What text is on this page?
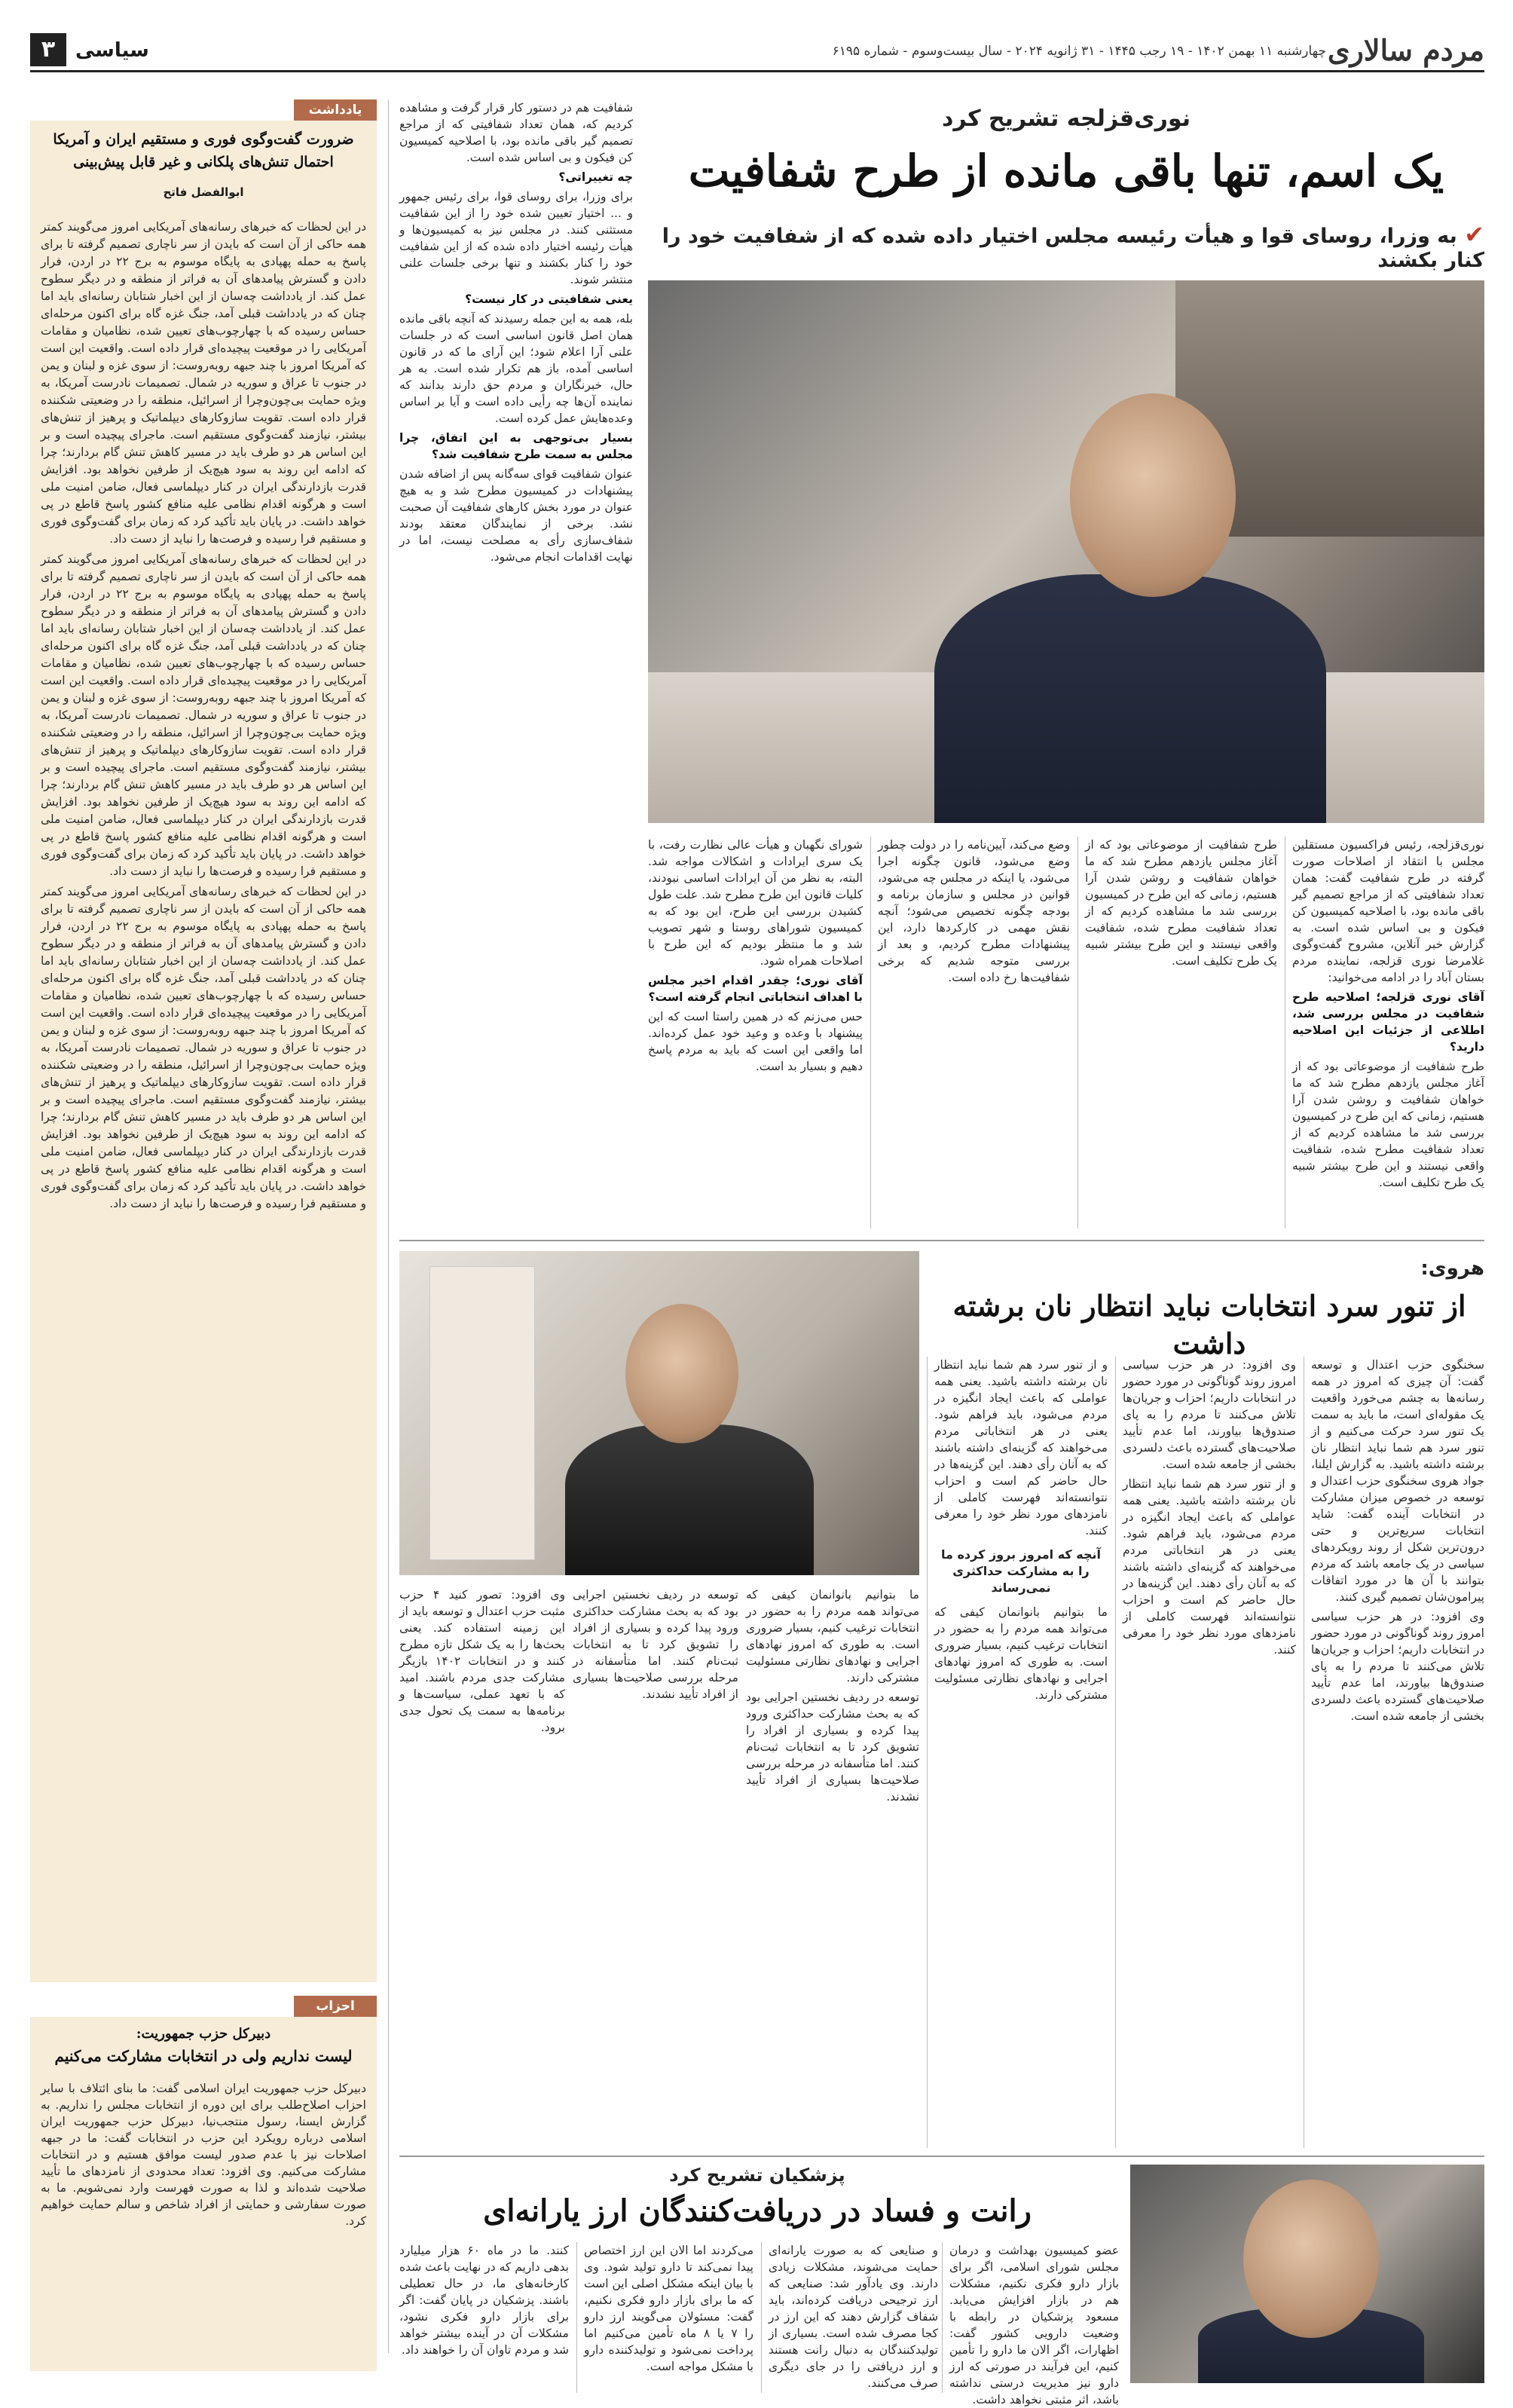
مردم سالاری
چهارشنبه ۱۱ بهمن ۱۴۰۲ - ۱۹ رجب ۱۴۴۵ - ۳۱ ژانویه ۲۰۲۴ - سال بیست‌وسوم - شماره ۶۱۹۵
سیاسی
۳
نوری‌قزلجه تشریح کرد
یک اسم، تنها باقی مانده از طرح شفافیت
✔ به وزرا، روسای قوا و هیأت رئیسه مجلس اختیار داده شده که از شفافیت خود را کنار بکشند

نوری‌قزلجه، رئیس فراکسیون مستقلین مجلس با انتقاد از اصلاحات صورت گرفته در طرح شفافیت گفت: همان تعداد شفافیتی که از مراجع تصمیم گیر باقی مانده بود، با اصلاحیه کمیسیون کن فیکون و بی اساس شده است. به گزارش خبر آنلاین، مشروح گفت‌وگوی غلامرضا نوری قزلجه، نماینده مردم بستان آباد را در ادامه می‌خوانید:

آقای نوری قزلجه؛ اصلاحیه طرح شفافیت در مجلس بررسی شد، اطلاعی از جزئیات این اصلاحیه دارید؟

طرح شفافیت از موضوعاتی بود که از آغاز مجلس یازدهم مطرح شد که ما خواهان شفافیت و روشن شدن آرا هستیم، زمانی که این طرح در کمیسیون بررسی شد ما مشاهده کردیم که از تعداد شفافیت مطرح شده، شفافیت واقعی نیستند و این طرح بیشتر شبیه یک طرح تکلیف است.

طرح شفافیت از موضوعاتی بود که از آغاز مجلس یازدهم مطرح شد که ما خواهان شفافیت و روشن شدن آرا هستیم، زمانی که این طرح در کمیسیون بررسی شد ما مشاهده کردیم که از تعداد شفافیت مطرح شده، شفافیت واقعی نیستند و این طرح بیشتر شبیه یک طرح تکلیف است.

وضع می‌کند، آیین‌نامه را در دولت چطور وضع می‌شود، قانون چگونه اجرا می‌شود، یا اینکه در مجلس چه می‌شود، قوانین در مجلس و سازمان برنامه و بودجه چگونه تخصیص می‌شود؛ آنچه نقش مهمی در کارکردها دارد، این پیشنهادات مطرح کردیم، و بعد از بررسی متوجه شدیم که برخی شفافیت‌ها رخ داده است.

شورای نگهبان و هیأت عالی نظارت رفت، با یک سری ایرادات و اشکالات مواجه شد. البته، به نظر من آن ایرادات اساسی نبودند، کلیات قانون این طرح مطرح شد. علت طول کشیدن بررسی این طرح، این بود که به کمیسیون شوراهای روستا و شهر تصویب شد و ما منتظر بودیم که این طرح با اصلاحات همراه شود.

آقای نوری؛ چقدر اقدام اخیر مجلس با اهداف انتخاباتی انجام گرفته است؟

حس می‌زنم که در همین راستا است که این پیشنهاد با وعده و وعید خود عمل کرده‌اند. اما واقعی این است که باید به مردم پاسخ دهیم و بسیار بد است.

شفافیت هم در دستور کار قرار گرفت و مشاهده کردیم که، همان تعداد شفافیتی که از مراجع تصمیم گیر باقی مانده بود، با اصلاحیه کمیسیون کن فیکون و بی اساس شده است.

چه تغییراتی؟

برای وزرا، برای روسای قوا، برای رئیس جمهور و ... اختیار تعیین شده خود را از این شفافیت مستثنی کنند. در مجلس نیز به کمیسیون‌ها و هیأت رئیسه اختیار داده شده که از این شفافیت خود را کنار بکشند و تنها برخی جلسات علنی منتشر شوند.

یعنی شفافیتی در کار نیست؟

بله، همه به این جمله رسیدند که آنچه باقی مانده همان اصل قانون اساسی است که در جلسات علنی آرا اعلام شود؛ این آرای ما که در قانون اساسی آمده، باز هم تکرار شده است. به هر حال، خبرنگاران و مردم حق دارند بدانند که نماینده آن‌ها چه رأیی داده است و آیا بر اساس وعده‌هایش عمل کرده است.

بسیار بی‌توجهی به این اتفاق، چرا مجلس به سمت طرح شفافیت شد؟

عنوان شفافیت قوای سه‌گانه پس از اضافه شدن پیشنهادات در کمیسیون مطرح شد و به هیچ عنوان در مورد بخش کارهای شفافیت آن صحبت نشد. برخی از نمایندگان معتقد بودند شفاف‌سازی رأی به مصلحت نیست، اما در نهایت اقدامات انجام می‌شود.

یادداشت
ضرورت گفت‌وگوی فوری و مستقیم ایران و آمریکا
احتمال تنش‌های پلکانی و غیر قابل پیش‌بینی
ابوالفضل فاتح

در این لحظات که خبرهای رسانه‌های آمریکایی امروز می‌گویند کمتر همه حاکی از آن است که بایدن از سر ناچاری تصمیم گرفته تا برای پاسخ به حمله پهپادی به پایگاه موسوم به برج ۲۲ در اردن، فرار دادن و گسترش پیامدهای آن به فراتر از منطقه و در دیگر سطوح عمل کند. از یادداشت چه‌سان از این اخبار شتابان رسانه‌ای باید اما چنان که در یادداشت قبلی آمد، جنگ غزه گاه برای اکنون مرحله‌ای حساس رسیده که با چهارچوب‌های تعیین شده، نظامیان و مقامات آمریکایی را در موقعیت پیچیده‌ای قرار داده است. واقعیت این است که آمریکا امروز با چند جبهه روبه‌روست: از سوی غزه و لبنان و یمن در جنوب تا عراق و سوریه در شمال. تصمیمات نادرست آمریکا، به ویژه حمایت بی‌چون‌وچرا از اسرائیل، منطقه را در وضعیتی شکننده قرار داده است. تقویت سازوکارهای دیپلماتیک و پرهیز از تنش‌های بیشتر، نیازمند گفت‌وگوی مستقیم است. ماجرای پیچیده است و بر این اساس هر دو طرف باید در مسیر کاهش تنش گام بردارند؛ چرا که ادامه این روند به سود هیچ‌یک از طرفین نخواهد بود. افزایش قدرت بازدارندگی ایران در کنار دیپلماسی فعال، ضامن امنیت ملی است و هرگونه اقدام نظامی علیه منافع کشور پاسخ قاطع در پی خواهد داشت. در پایان باید تأکید کرد که زمان برای گفت‌وگوی فوری و مستقیم فرا رسیده و فرصت‌ها را نباید از دست داد.

در این لحظات که خبرهای رسانه‌های آمریکایی امروز می‌گویند کمتر همه حاکی از آن است که بایدن از سر ناچاری تصمیم گرفته تا برای پاسخ به حمله پهپادی به پایگاه موسوم به برج ۲۲ در اردن، فرار دادن و گسترش پیامدهای آن به فراتر از منطقه و در دیگر سطوح عمل کند. از یادداشت چه‌سان از این اخبار شتابان رسانه‌ای باید اما چنان که در یادداشت قبلی آمد، جنگ غزه گاه برای اکنون مرحله‌ای حساس رسیده که با چهارچوب‌های تعیین شده، نظامیان و مقامات آمریکایی را در موقعیت پیچیده‌ای قرار داده است. واقعیت این است که آمریکا امروز با چند جبهه روبه‌روست: از سوی غزه و لبنان و یمن در جنوب تا عراق و سوریه در شمال. تصمیمات نادرست آمریکا، به ویژه حمایت بی‌چون‌وچرا از اسرائیل، منطقه را در وضعیتی شکننده قرار داده است. تقویت سازوکارهای دیپلماتیک و پرهیز از تنش‌های بیشتر، نیازمند گفت‌وگوی مستقیم است. ماجرای پیچیده است و بر این اساس هر دو طرف باید در مسیر کاهش تنش گام بردارند؛ چرا که ادامه این روند به سود هیچ‌یک از طرفین نخواهد بود. افزایش قدرت بازدارندگی ایران در کنار دیپلماسی فعال، ضامن امنیت ملی است و هرگونه اقدام نظامی علیه منافع کشور پاسخ قاطع در پی خواهد داشت. در پایان باید تأکید کرد که زمان برای گفت‌وگوی فوری و مستقیم فرا رسیده و فرصت‌ها را نباید از دست داد.

در این لحظات که خبرهای رسانه‌های آمریکایی امروز می‌گویند کمتر همه حاکی از آن است که بایدن از سر ناچاری تصمیم گرفته تا برای پاسخ به حمله پهپادی به پایگاه موسوم به برج ۲۲ در اردن، فرار دادن و گسترش پیامدهای آن به فراتر از منطقه و در دیگر سطوح عمل کند. از یادداشت چه‌سان از این اخبار شتابان رسانه‌ای باید اما چنان که در یادداشت قبلی آمد، جنگ غزه گاه برای اکنون مرحله‌ای حساس رسیده که با چهارچوب‌های تعیین شده، نظامیان و مقامات آمریکایی را در موقعیت پیچیده‌ای قرار داده است. واقعیت این است که آمریکا امروز با چند جبهه روبه‌روست: از سوی غزه و لبنان و یمن در جنوب تا عراق و سوریه در شمال. تصمیمات نادرست آمریکا، به ویژه حمایت بی‌چون‌وچرا از اسرائیل، منطقه را در وضعیتی شکننده قرار داده است. تقویت سازوکارهای دیپلماتیک و پرهیز از تنش‌های بیشتر، نیازمند گفت‌وگوی مستقیم است. ماجرای پیچیده است و بر این اساس هر دو طرف باید در مسیر کاهش تنش گام بردارند؛ چرا که ادامه این روند به سود هیچ‌یک از طرفین نخواهد بود. افزایش قدرت بازدارندگی ایران در کنار دیپلماسی فعال، ضامن امنیت ملی است و هرگونه اقدام نظامی علیه منافع کشور پاسخ قاطع در پی خواهد داشت. در پایان باید تأکید کرد که زمان برای گفت‌وگوی فوری و مستقیم فرا رسیده و فرصت‌ها را نباید از دست داد.

احزاب
دبیرکل حزب جمهوریت:
لیست نداریم ولی در انتخابات مشارکت می‌کنیم

دبیرکل حزب جمهوریت ایران اسلامی گفت: ما بنای ائتلاف با سایر احزاب اصلاح‌طلب برای این دوره از انتخابات مجلس را نداریم. به گزارش ایسنا، رسول منتجب‌نیا، دبیرکل حزب جمهوریت ایران اسلامی درباره رویکرد این حزب در انتخابات گفت: ما در جبهه اصلاحات نیز با عدم صدور لیست موافق هستیم و در انتخابات مشارکت می‌کنیم. وی افزود: تعداد محدودی از نامزدهای ما تأیید صلاحیت شده‌اند و لذا به صورت فهرست وارد نمی‌شویم. ما به صورت سفارشی و حمایتی از افراد شاخص و سالم حمایت خواهیم کرد.

هروی:
از تنور سرد انتخابات نباید انتظار نان برشته داشت

سخنگوی حزب اعتدال و توسعه گفت: آن چیزی که امروز در همه رسانه‌ها به چشم می‌خورد واقعیت یک مقوله‌ای است، ما باید به سمت یک تنور سرد حرکت می‌کنیم و از تنور سرد هم شما نباید انتظار نان برشته داشته باشید. به گزارش ایلنا، جواد هروی سخنگوی حزب اعتدال و توسعه در خصوص میزان مشارکت در انتخابات آینده گفت: شاید انتخابات سریع‌ترین و حتی درون‌ترین شکل از روند رویکردهای سیاسی در یک جامعه باشد که مردم بتوانند با آن ها در مورد اتفاقات پیرامون‌شان تصمیم گیری کنند.

وی افزود: در هر حزب سیاسی امروز روند گوناگونی در مورد حضور در انتخابات داریم؛ احزاب و جریان‌ها تلاش می‌کنند تا مردم را به پای صندوق‌ها بیاورند، اما عدم تأیید صلاحیت‌های گسترده باعث دلسردی بخشی از جامعه شده است.

وی افزود: در هر حزب سیاسی امروز روند گوناگونی در مورد حضور در انتخابات داریم؛ احزاب و جریان‌ها تلاش می‌کنند تا مردم را به پای صندوق‌ها بیاورند، اما عدم تأیید صلاحیت‌های گسترده باعث دلسردی بخشی از جامعه شده است.

و از تنور سرد هم شما نباید انتظار نان برشته داشته باشید. یعنی همه عواملی که باعث ایجاد انگیزه در مردم می‌شود، باید فراهم شود. یعنی در هر انتخاباتی مردم می‌خواهند که گزینه‌ای داشته باشند که به آنان رأی دهند. این گزینه‌ها در حال حاضر کم است و احزاب نتوانسته‌اند فهرست کاملی از نامزدهای مورد نظر خود را معرفی کنند.

و از تنور سرد هم شما نباید انتظار نان برشته داشته باشید. یعنی همه عواملی که باعث ایجاد انگیزه در مردم می‌شود، باید فراهم شود. یعنی در هر انتخاباتی مردم می‌خواهند که گزینه‌ای داشته باشند که به آنان رأی دهند. این گزینه‌ها در حال حاضر کم است و احزاب نتوانسته‌اند فهرست کاملی از نامزدهای مورد نظر خود را معرفی کنند.

آنچه که امروز بروز کرده ما
را به مشارکت حداکثری نمی‌رساند

ما بتوانیم بانوانمان کیفی که می‌تواند همه مردم را به حضور در انتخابات ترغیب کنیم، بسیار ضروری است. به طوری که امروز نهادهای اجرایی و نهادهای نظارتی مسئولیت مشترکی دارند.

ما بتوانیم بانوانمان کیفی که می‌تواند همه مردم را به حضور در انتخابات ترغیب کنیم، بسیار ضروری است. به طوری که امروز نهادهای اجرایی و نهادهای نظارتی مسئولیت مشترکی دارند.

توسعه در ردیف نخستین اجرایی بود که به بحث مشارکت حداکثری ورود پیدا کرده و بسیاری از افراد را تشویق کرد تا به انتخابات ثبت‌نام کنند. اما متأسفانه در مرحله بررسی صلاحیت‌ها بسیاری از افراد تأیید نشدند.

توسعه در ردیف نخستین اجرایی بود که به بحث مشارکت حداکثری ورود پیدا کرده و بسیاری از افراد را تشویق کرد تا به انتخابات ثبت‌نام کنند. اما متأسفانه در مرحله بررسی صلاحیت‌ها بسیاری از افراد تأیید نشدند.

وی افزود: تصور کنید ۴ حزب مثبت حزب اعتدال و توسعه باید از این زمینه استفاده کند. یعنی بحث‌ها را به یک شکل تازه مطرح کنند و در انتخابات ۱۴۰۲ بازیگر مشارکت جدی مردم باشند. امید که با تعهد عملی، سیاست‌ها و برنامه‌ها به سمت یک تحول جدی برود.

پزشکیان تشریح کرد
رانت و فساد در دریافت‌کنندگان ارز یارانه‌ای

عضو کمیسیون بهداشت و درمان مجلس شورای اسلامی، اگر برای بازار دارو فکری نکنیم، مشکلات هم در بازار افزایش می‌یابد. مسعود پزشکیان در رابطه با وضعیت دارویی کشور گفت: اظهارات، اگر الان ما دارو را تأمین کنیم، این فرآیند در صورتی که ارز دارو نیز مدیریت درستی نداشته باشد، اثر مثبتی نخواهد داشت.

و صنایعی که به صورت یارانه‌ای حمایت می‌شوند، مشکلات زیادی دارند. وی یادآور شد: صنایعی که ارز ترجیحی دریافت کرده‌اند، باید شفاف گزارش دهند که این ارز در کجا مصرف شده است. بسیاری از تولیدکنندگان به دنبال رانت هستند و ارز دریافتی را در جای دیگری صرف می‌کنند.

می‌کردند اما الان این ارز اختصاص پیدا نمی‌کند تا دارو تولید شود. وی با بیان اینکه مشکل اصلی این است که ما برای بازار دارو فکری نکنیم، گفت: مسئولان می‌گویند ارز دارو را ۷ یا ۸ ماه تأمین می‌کنیم اما پرداخت نمی‌شود و تولیدکننده دارو با مشکل مواجه است.

کنند. ما در ماه ۶۰ هزار میلیارد بدهی داریم که در نهایت باعث شده کارخانه‌های ما، در حال تعطیلی باشند. پزشکیان در پایان گفت: اگر برای بازار دارو فکری نشود، مشکلات آن در آینده بیشتر خواهد شد و مردم تاوان آن را خواهند داد.
